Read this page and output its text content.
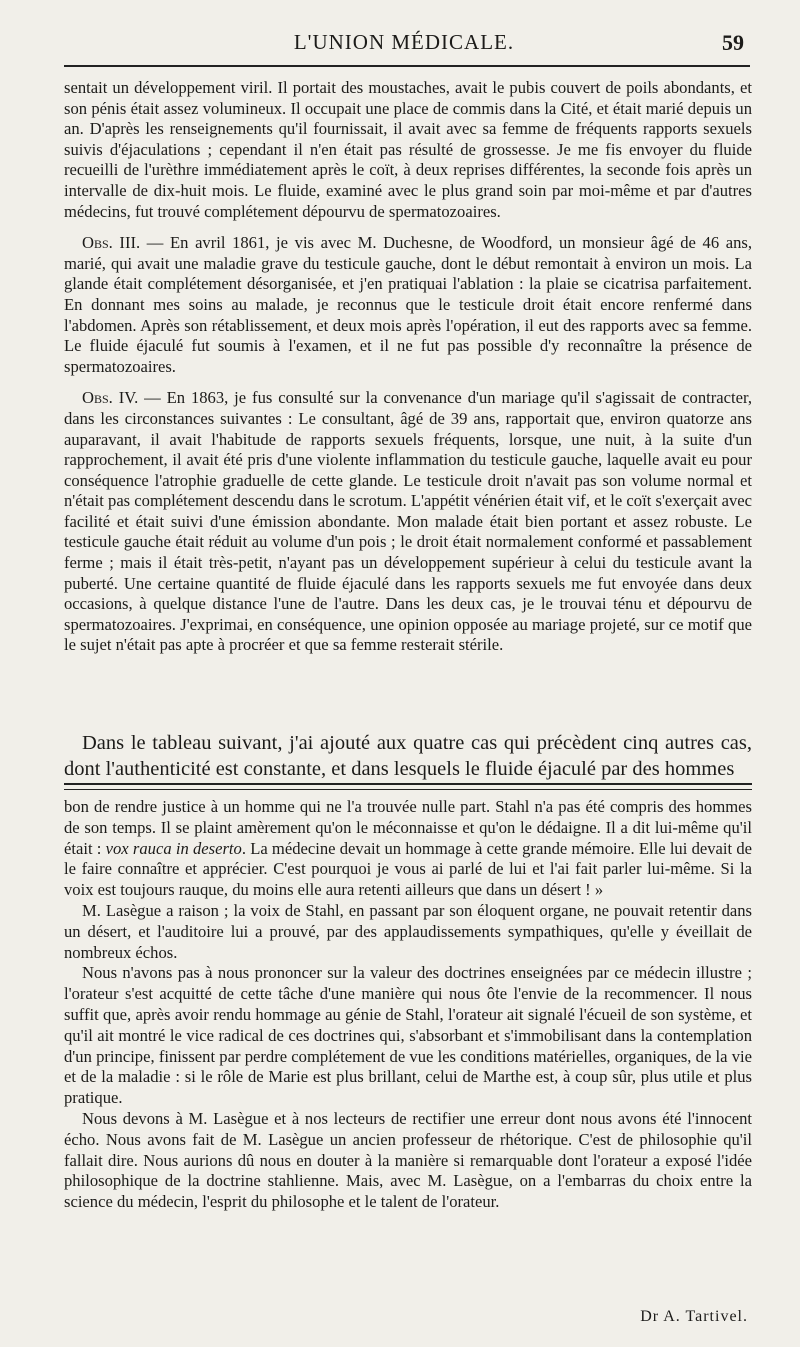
L'UNION MÉDICALE.	59

sentait un développement viril. Il portait des moustaches, avait le pubis couvert de poils abondants, et son pénis était assez volumineux. Il occupait une place de commis dans la Cité, et était marié depuis un an. D'après les renseignements qu'il fournissait, il avait avec sa femme de fréquents rapports sexuels suivis d'éjaculations ; cependant il n'en était pas résulté de grossesse. Je me fis envoyer du fluide recueilli de l'urèthre immédiatement après le coït, à deux reprises différentes, la seconde fois après un intervalle de dix-huit mois. Le fluide, examiné avec le plus grand soin par moi-même et par d'autres médecins, fut trouvé complétement dépourvu de spermatozoaires.

Obs. III. — En avril 1861, je vis avec M. Duchesne, de Woodford, un monsieur âgé de 46 ans, marié, qui avait une maladie grave du testicule gauche, dont le début remontait à environ un mois. La glande était complétement désorganisée, et j'en pratiquai l'ablation : la plaie se cicatrisa parfaitement. En donnant mes soins au malade, je reconnus que le testicule droit était encore renfermé dans l'abdomen. Après son rétablissement, et deux mois après l'opération, il eut des rapports avec sa femme. Le fluide éjaculé fut soumis à l'examen, et il ne fut pas possible d'y reconnaître la présence de spermatozoaires.

Obs. IV. — En 1863, je fus consulté sur la convenance d'un mariage qu'il s'agissait de contracter, dans les circonstances suivantes : Le consultant, âgé de 39 ans, rapportait que, environ quatorze ans auparavant, il avait l'habitude de rapports sexuels fréquents, lorsque, une nuit, à la suite d'un rapprochement, il avait été pris d'une violente inflammation du testicule gauche, laquelle avait eu pour conséquence l'atrophie graduelle de cette glande. Le testicule droit n'avait pas son volume normal et n'était pas complétement descendu dans le scrotum. L'appétit vénérien était vif, et le coït s'exerçait avec facilité et était suivi d'une émission abondante. Mon malade était bien portant et assez robuste. Le testicule gauche était réduit au volume d'un pois ; le droit était normalement conformé et passablement ferme ; mais il était très-petit, n'ayant pas un développement supérieur à celui du testicule avant la puberté. Une certaine quantité de fluide éjaculé dans les rapports sexuels me fut envoyée dans deux occasions, à quelque distance l'une de l'autre. Dans les deux cas, je le trouvai ténu et dépourvu de spermatozoaires. J'exprimai, en conséquence, une opinion opposée au mariage projeté, sur ce motif que le sujet n'était pas apte à procréer et que sa femme resterait stérile.

Dans le tableau suivant, j'ai ajouté aux quatre cas qui précèdent cinq autres cas, dont l'authenticité est constante, et dans lesquels le fluide éjaculé par des hommes

bon de rendre justice à un homme qui ne l'a trouvée nulle part. Stahl n'a pas été compris des hommes de son temps. Il se plaint amèrement qu'on le méconnaisse et qu'on le dédaigne. Il a dit lui-même qu'il était : vox rauca in deserto. La médecine devait un hommage à cette grande mémoire. Elle lui devait de le faire connaître et apprécier. C'est pourquoi je vous ai parlé de lui et l'ai fait parler lui-même. Si la voix est toujours rauque, du moins elle aura retenti ailleurs que dans un désert ! »

M. Lasègue a raison ; la voix de Stahl, en passant par son éloquent organe, ne pouvait retentir dans un désert, et l'auditoire lui a prouvé, par des applaudissements sympathiques, qu'elle y éveillait de nombreux échos.

Nous n'avons pas à nous prononcer sur la valeur des doctrines enseignées par ce médecin illustre ; l'orateur s'est acquitté de cette tâche d'une manière qui nous ôte l'envie de la recommencer. Il nous suffit que, après avoir rendu hommage au génie de Stahl, l'orateur ait signalé l'écueil de son système, et qu'il ait montré le vice radical de ces doctrines qui, s'absorbant et s'immobilisant dans la contemplation d'un principe, finissent par perdre complétement de vue les conditions matérielles, organiques, de la vie et de la maladie : si le rôle de Marie est plus brillant, celui de Marthe est, à coup sûr, plus utile et plus pratique.

Nous devons à M. Lasègue et à nos lecteurs de rectifier une erreur dont nous avons été l'innocent écho. Nous avons fait de M. Lasègue un ancien professeur de rhétorique. C'est de philosophie qu'il fallait dire. Nous aurions dû nous en douter à la manière si remarquable dont l'orateur a exposé l'idée philosophique de la doctrine stahlienne. Mais, avec M. Lasègue, on a l'embarras du choix entre la science du médecin, l'esprit du philosophe et le talent de l'orateur.

Dr A. Tartivel.
